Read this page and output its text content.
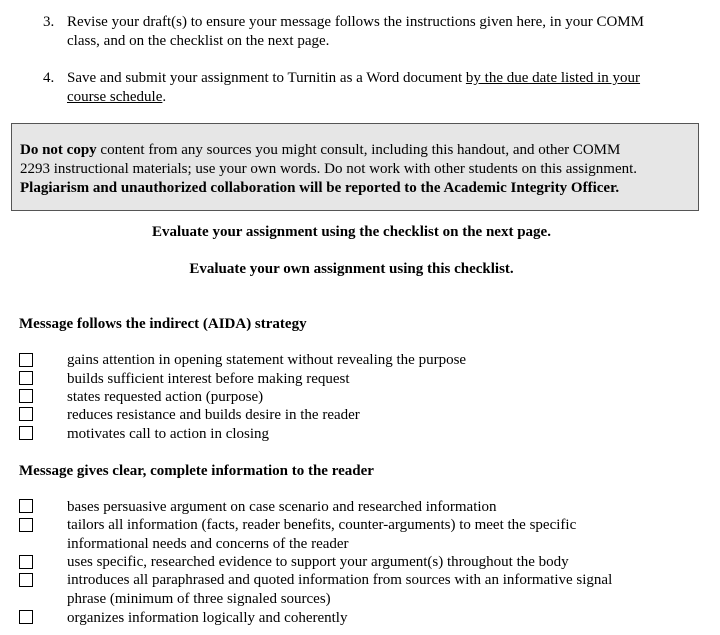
3. Revise your draft(s) to ensure your message follows the instructions given here, in your COMM
class, and on the checklist on the next page.
4. Save and submit your assignment to Turnitin as a Word document by the due date listed in your
course schedule.
Do not copy content from any sources you might consult, including this handout, and other COMM
2293 instructional materials; use your own words. Do not work with other students on this assignment.
Plagiarism and unauthorized collaboration will be reported to the Academic Integrity Officer.
Evaluate your assignment using the checklist on the next page.
Evaluate your own assignment using this checklist.
Message follows the indirect (AIDA) strategy
gains attention in opening statement without revealing the purpose
builds sufficient interest before making request
states requested action (purpose)
reduces resistance and builds desire in the reader
motivates call to action in closing
Message gives clear, complete information to the reader
bases persuasive argument on case scenario and researched information
tailors all information (facts, reader benefits, counter-arguments) to meet the specific
informational needs and concerns of the reader
uses specific, researched evidence to support your argument(s) throughout the body
introduces all paraphrased and quoted information from sources with an informative signal
phrase (minimum of three signaled sources)
organizes information logically and coherently
